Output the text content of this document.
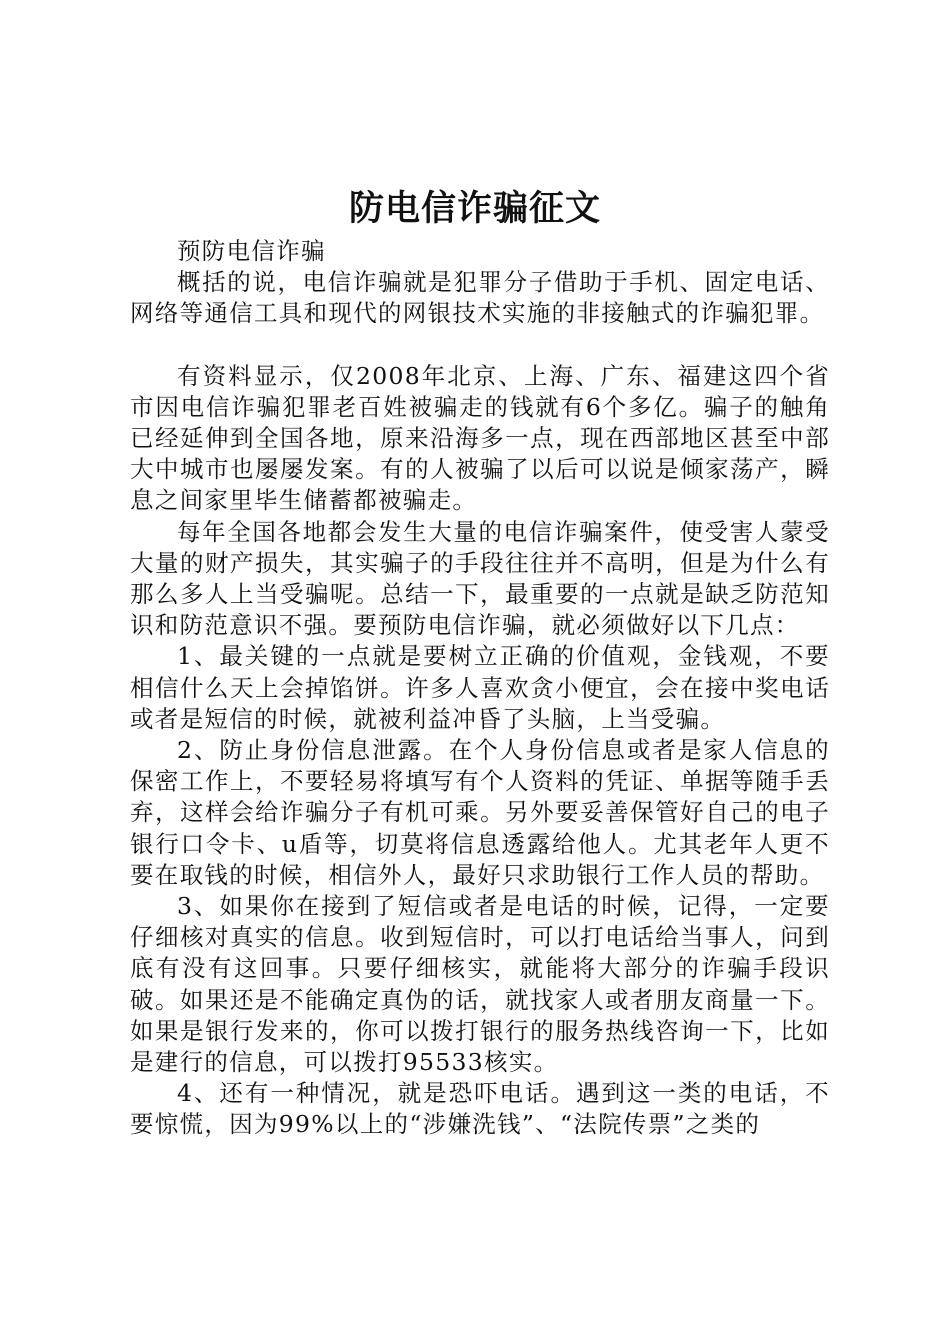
防电信诈骗征文

预防电信诈骗

概括的说，电信诈骗就是犯罪分子借助于手机、固定电话、网络等通信工具和现代的网银技术实施的非接触式的诈骗犯罪。

有资料显示，仅2008年北京、上海、广东、福建这四个省市因电信诈骗犯罪老百姓被骗走的钱就有6个多亿。骗子的触角已经延伸到全国各地，原来沿海多一点，现在西部地区甚至中部大中城市也屡屡发案。有的人被骗了以后可以说是倾家荡产，瞬息之间家里毕生储蓄都被骗走。

每年全国各地都会发生大量的电信诈骗案件，使受害人蒙受大量的财产损失，其实骗子的手段往往并不高明，但是为什么有那么多人上当受骗呢。总结一下，最重要的一点就是缺乏防范知识和防范意识不强。要预防电信诈骗，就必须做好以下几点：

1、最关键的一点就是要树立正确的价值观，金钱观，不要相信什么天上会掉馅饼。许多人喜欢贪小便宜，会在接中奖电话或者是短信的时候，就被利益冲昏了头脑，上当受骗。

2、防止身份信息泄露。在个人身份信息或者是家人信息的保密工作上，不要轻易将填写有个人资料的凭证、单据等随手丢弃，这样会给诈骗分子有机可乘。另外要妥善保管好自己的电子银行口令卡、u盾等，切莫将信息透露给他人。尤其老年人更不要在取钱的时候，相信外人，最好只求助银行工作人员的帮助。

3、如果你在接到了短信或者是电话的时候，记得，一定要仔细核对真实的信息。收到短信时，可以打电话给当事人，问到底有没有这回事。只要仔细核实，就能将大部分的诈骗手段识破。如果还是不能确定真伪的话，就找家人或者朋友商量一下。如果是银行发来的，你可以拨打银行的服务热线咨询一下，比如是建行的信息，可以拨打95533核实。

4、还有一种情况，就是恐吓电话。遇到这一类的电话，不要惊慌，因为99%以上的“涉嫌洗钱”、“法院传票”之类的
